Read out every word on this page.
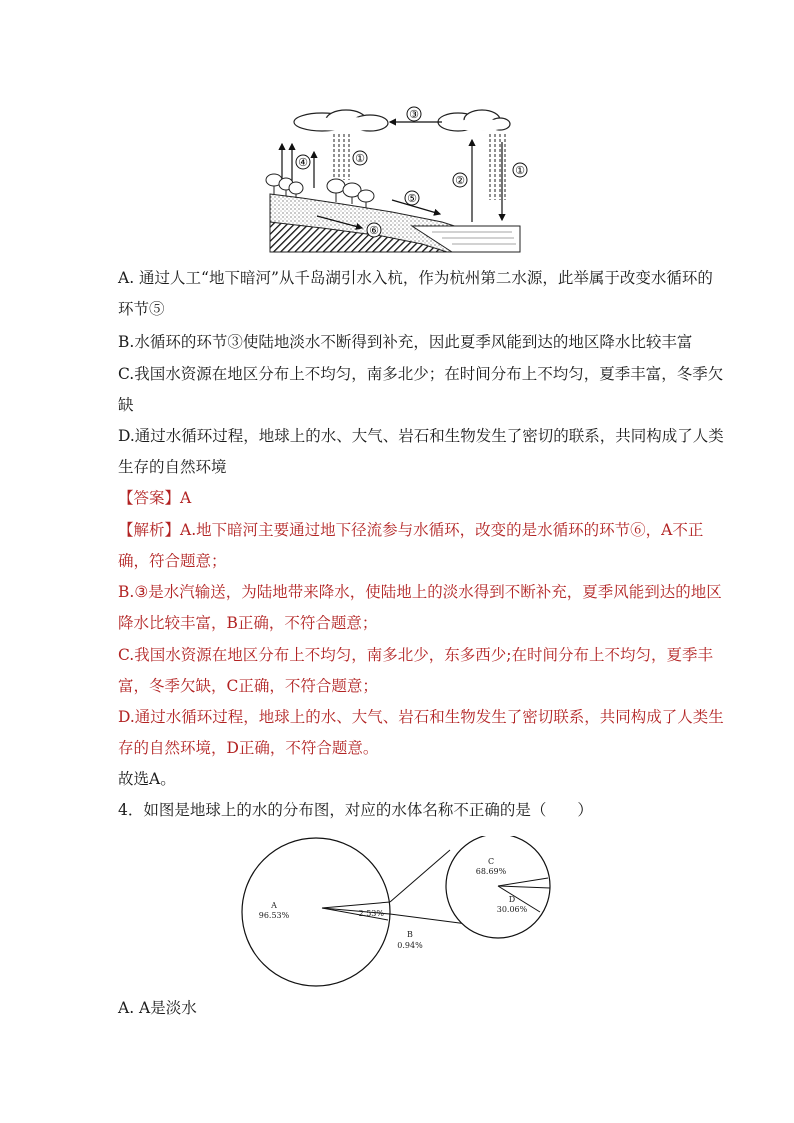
③
①
①
④
②
⑤
⑥
A. 通过人工“地下暗河”从千岛湖引水入杭，作为杭州第二水源，此举属于改变水循环的
环节⑤
B.水循环的环节③使陆地淡水不断得到补充，因此夏季风能到达的地区降水比较丰富
C.我国水资源在地区分布上不均匀，南多北少；在时间分布上不均匀，夏季丰富，冬季欠
缺
D.通过水循环过程，地球上的水、大气、岩石和生物发生了密切的联系，共同构成了人类
生存的自然环境
【答案】A
【解析】A.地下暗河主要通过地下径流参与水循环，改变的是水循环的环节⑥，A不正
确，符合题意；
B.③是水汽输送，为陆地带来降水，使陆地上的淡水得到不断补充，夏季风能到达的地区
降水比较丰富，B正确，不符合题意；
C.我国水资源在地区分布上不均匀，南多北少，东多西少;在时间分布上不均匀，夏季丰
富，冬季欠缺，C正确，不符合题意；
D.通过水循环过程，地球上的水、大气、岩石和生物发生了密切联系，共同构成了人类生
存的自然环境，D正确，不符合题意。
故选A。
4．如图是地球上的水的分布图，对应的水体名称不正确的是（　　）
A
96.53%	2.53%
B
0.94%
C
68.69%
D
30.06%
A. A是淡水
